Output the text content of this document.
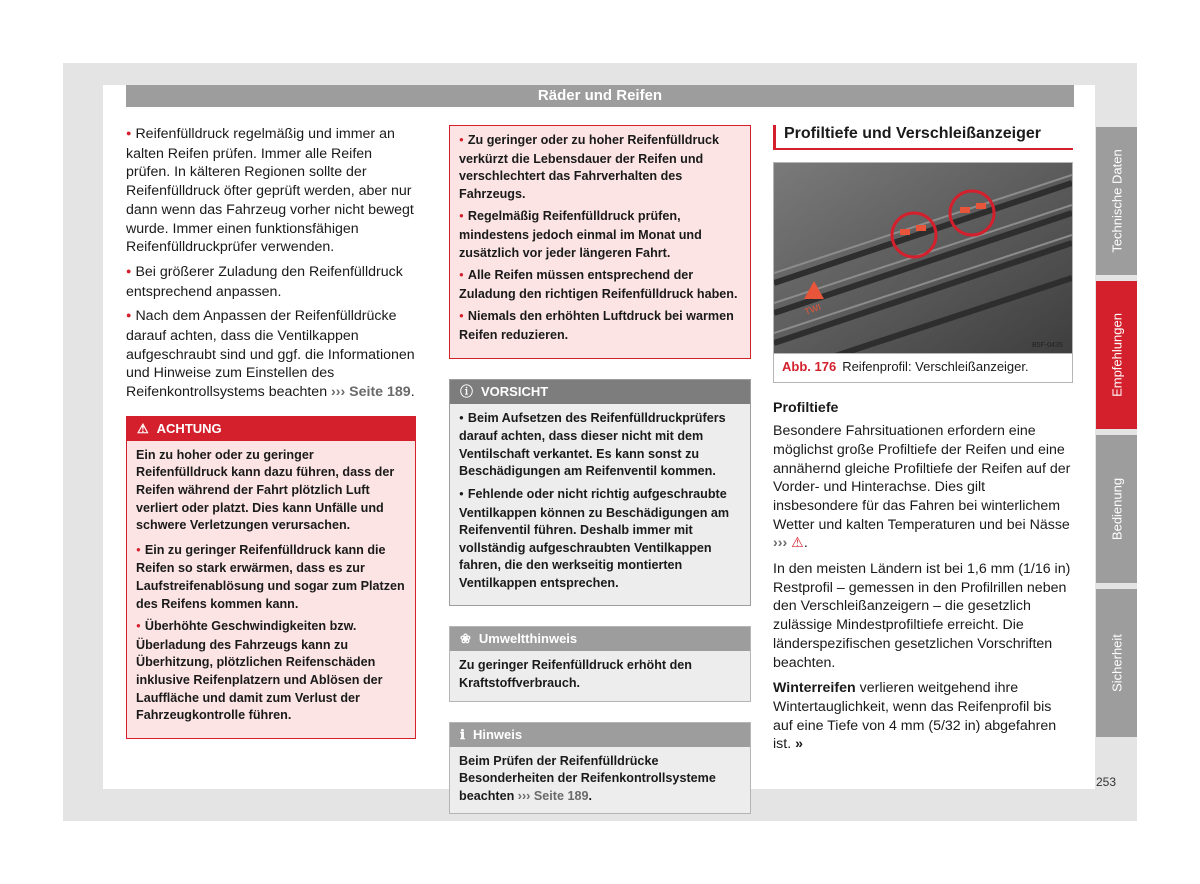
Räder und Reifen
● Reifenfülldruck regelmäßig und immer an kalten Reifen prüfen. Immer alle Reifen prüfen. In kälteren Regionen sollte der Reifenfülldruck öfter geprüft werden, aber nur dann wenn das Fahrzeug vorher nicht bewegt wurde. Immer einen funktionsfähigen Reifenfülldruckprüfer verwenden.
● Bei größerer Zuladung den Reifenfülldruck entsprechend anpassen.
● Nach dem Anpassen der Reifenfülldrücke darauf achten, dass die Ventilkappen aufgeschraubt sind und ggf. die Informationen und Hinweise zum Einstellen des Reifenkontrollsystems beachten ››› Seite 189.
⚠ ACHTUNG

Ein zu hoher oder zu geringer Reifenfülldruck kann dazu führen, dass der Reifen während der Fahrt plötzlich Luft verliert oder platzt. Dies kann Unfälle und schwere Verletzungen verursachen.

● Ein zu geringer Reifenfülldruck kann die Reifen so stark erwärmen, dass es zur Laufstreifenablösung und sogar zum Platzen des Reifens kommen kann.
● Überhöhte Geschwindigkeiten bzw. Überladung des Fahrzeugs kann zu Überhitzung, plötzlichen Reifenschäden inklusive Reifenplatzern und Ablösen der Lauffläche und damit zum Verlust der Fahrzeugkontrolle führen.
● Zu geringer oder zu hoher Reifenfülldruck verkürzt die Lebensdauer der Reifen und verschlechtert das Fahrverhalten des Fahrzeugs.
● Regelmäßig Reifenfülldruck prüfen, mindestens jedoch einmal im Monat und zusätzlich vor jeder längeren Fahrt.
● Alle Reifen müssen entsprechend der Zuladung den richtigen Reifenfülldruck haben.
● Niemals den erhöhten Luftdruck bei warmen Reifen reduzieren.
ⓘ VORSICHT
● Beim Aufsetzen des Reifenfülldruckprüfers darauf achten, dass dieser nicht mit dem Ventilschaft verkantet. Es kann sonst zu Beschädigungen am Reifenventil kommen.
● Fehlende oder nicht richtig aufgeschraubte Ventilkappen können zu Beschädigungen am Reifenventil führen. Deshalb immer mit vollständig aufgeschraubten Ventilkappen fahren, die den werkseitig montierten Ventilkappen entsprechen.
❀ Umweltthinweis
Zu geringer Reifenfülldruck erhöht den Kraftstoffverbrauch.
ℹ Hinweis
Beim Prüfen der Reifenfülldrücke Besonderheiten der Reifenkontrollsysteme beachten ››› Seite 189.
Profiltiefe und Verschleißanzeiger
TWI
B5F-0435
Abb. 176 Reifenprofil: Verschleißanzeiger.
Profiltiefe

Besondere Fahrsituationen erfordern eine möglichst große Profiltiefe der Reifen und eine annähernd gleiche Profiltiefe der Reifen auf der Vorder- und Hinterachse. Dies gilt insbesondere für das Fahren bei winterlichem Wetter und kalten Temperaturen und bei Nässe ››› ⚠.

In den meisten Ländern ist bei 1,6 mm (1/16 in) Restprofil – gemessen in den Profilrillen neben den Verschleißanzeigern – die gesetzlich zulässige Mindestprofiltiefe erreicht. Die länderspezifischen gesetzlichen Vorschriften beachten.

Winterreifen verlieren weitgehend ihre Wintertauglichkeit, wenn das Reifenprofil bis auf eine Tiefe von 4 mm (5/32 in) abgefahren ist. »

Technische Daten
Empfehlungen
Bedienung
Sicherheit
253
